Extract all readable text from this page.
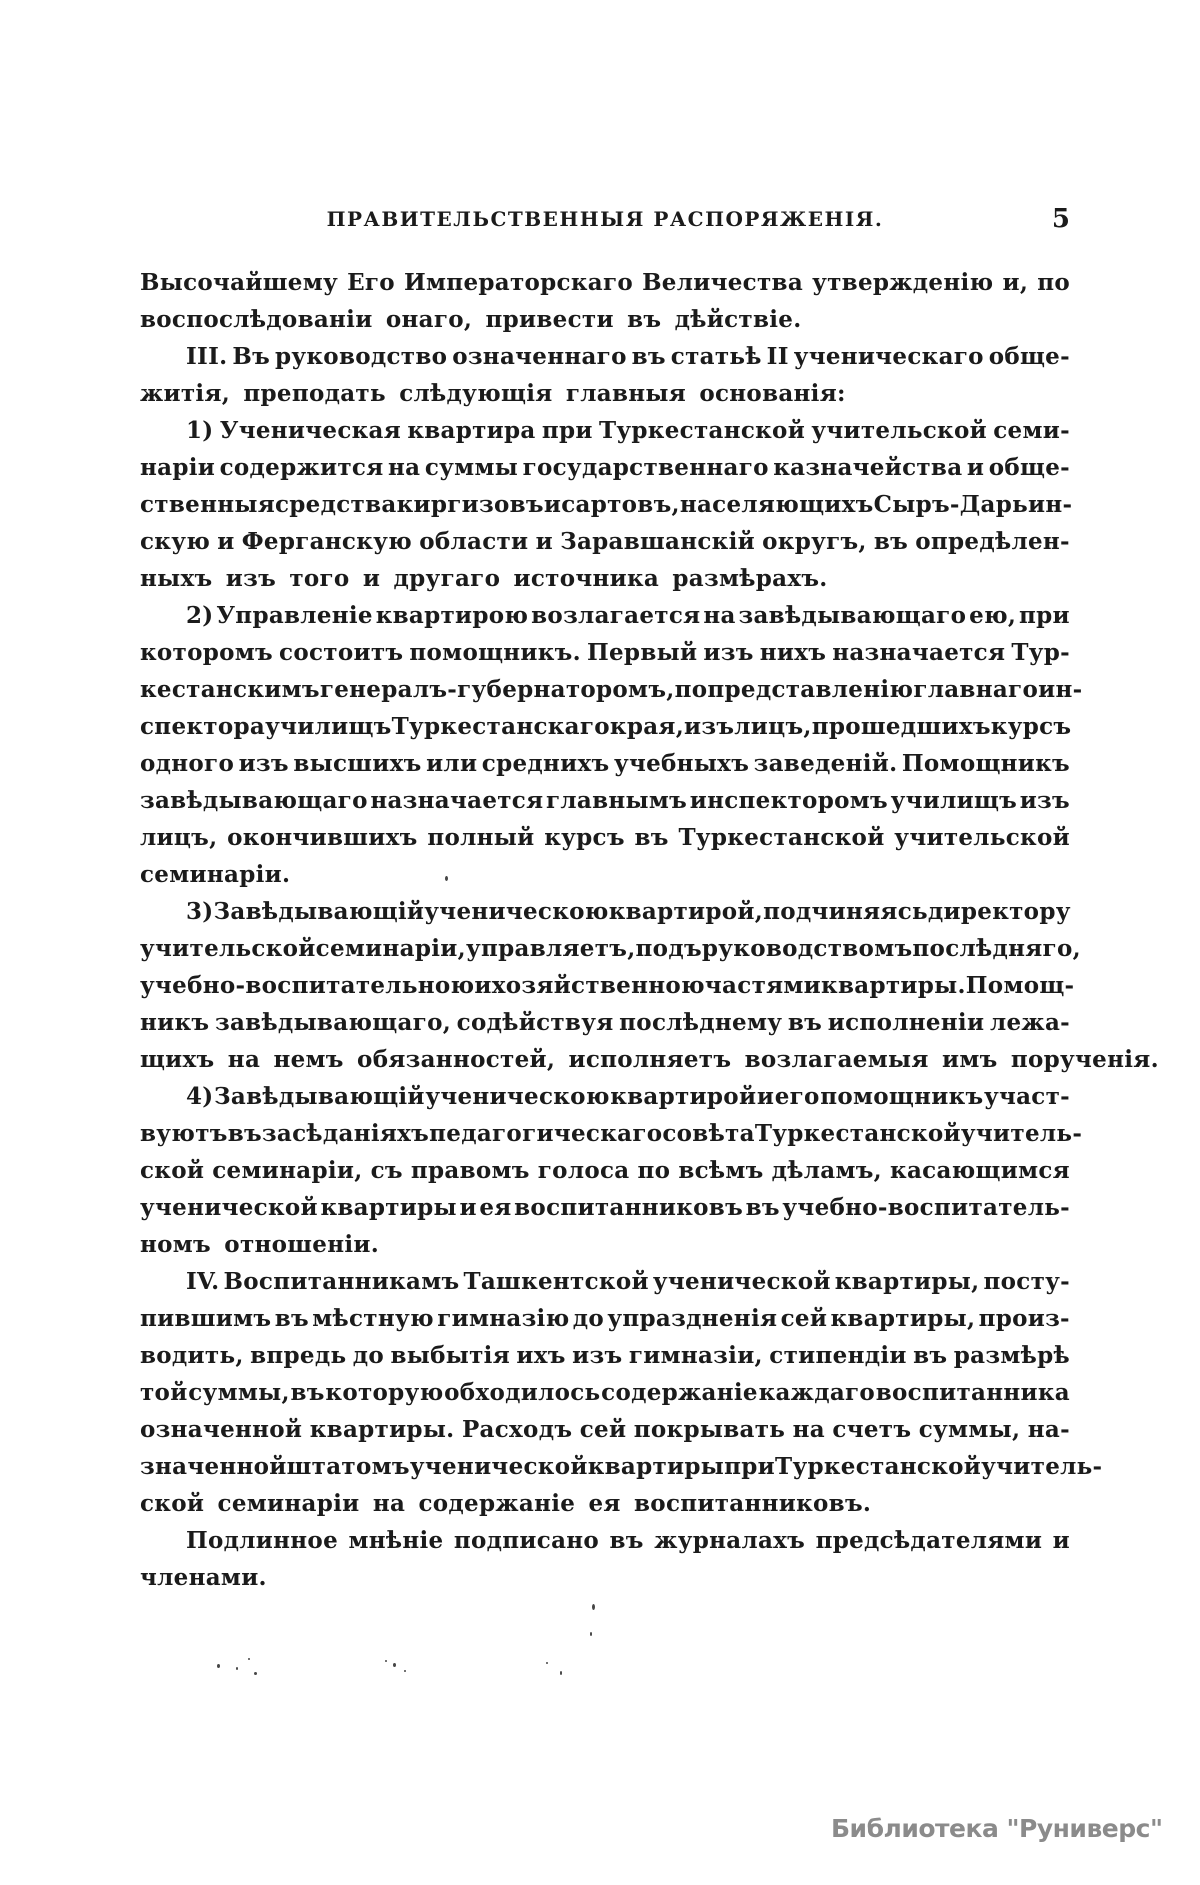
ПРАВИТЕЛЬСТВЕННЫЯ РАСПОРЯЖЕНІЯ.	5
Высочайшему Его Императорскаго Величества утвержденію и, по
воспослѣдованіи онаго, привести въ дѣйствіе.
III. Въ руководство означеннаго въ статьѣ II ученическаго обще-
житія, преподать слѣдующія главныя основанія:
1) Ученическая квартира при Туркестанской учительской семи-
наріи содержится на суммы государственнаго казначейства и обще-
ственныя средства киргизовъ и сартовъ, населяющихъ Сыръ-Дарьин-
скую и Ферганскую области и Заравшанскій округъ, въ опредѣлен-
ныхъ изъ того и другаго источника размѣрахъ.
2) Управленіе квартирою возлагается на завѣдывающаго ею, при
которомъ состоитъ помощникъ. Первый изъ нихъ назначается Тур-
кестанскимъ генералъ-губернаторомъ, по представленію главнаго ин-
спектора училищъ Туркестанскаго края, изъ лицъ, прошедшихъ курсъ
одного изъ высшихъ или среднихъ учебныхъ заведеній. Помощникъ
завѣдывающаго назначается главнымъ инспекторомъ училищъ изъ
лицъ, окончившихъ полный курсъ въ Туркестанской учительской
семинаріи.
3) Завѣдывающій ученическою квартирой, подчиняясь директору
учительской семинаріи, управляетъ, подъ руководствомъ послѣдняго,
учебно-воспитательною и хозяйственною частями квартиры. Помощ-
никъ завѣдывающаго, содѣйствуя послѣднему въ исполненіи лежа-
щихъ на немъ обязанностей, исполняетъ возлагаемыя имъ порученія.
4) Завѣдывающій ученическою квартирой и его помощникъ участ-
вуютъ въ засѣданіяхъ педагогическаго совѣта Туркестанской учитель-
ской семинаріи, съ правомъ голоса по всѣмъ дѣламъ, касающимся
ученической квартиры и ея воспитанниковъ въ учебно-воспитатель-
номъ отношеніи.
IV. Воспитанникамъ Ташкентской ученической квартиры, посту-
пившимъ въ мѣстную гимназію до упраздненія сей квартиры, произ-
водить, впредь до выбытія ихъ изъ гимназіи, стипендіи въ размѣрѣ
той суммы, въ которую обходилось содержаніе каждаго воспитанника
означенной квартиры. Расходъ сей покрывать на счетъ суммы, на-
значенной штатомъ ученической квартиры при Туркестанской учитель-
ской семинаріи на содержаніе ея воспитанниковъ.
Подлинное мнѣніе подписано въ журналахъ предсѣдателями и
членами.
Библиотека "Руниверс"
